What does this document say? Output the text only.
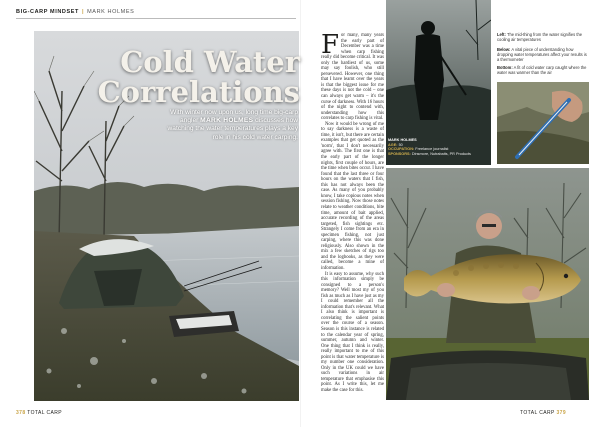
BIG-CARP MINDSET | MARK HOLMES
Cold Water
Correlations
With winter now upon us, long time big-carp angler MARK HOLMES discusses how watching the water temperatures plays a key role in his cold water carping.
F or many, many years the early part of December was a time when carp fishing really did become critical. It was only the hardiest of us, some may say foolish, who still persevered. However, one thing that I have learnt over the years is that the biggest issue for me these days is not the cold – one can always get warm – it's the curse of darkness. With 16 hours of the night to contend with, understanding how this correlates to carp fishing is vital.

Now it would be wrong of me to say darkness is a waste of time, it isn't, but there are certain examples that get quoted as the 'norm', that I don't necessarily agree with. The first one is that the early part of the longer nights, first couple of hours, are the time when bites occur. I have found that the last three or four hours on the waters that I fish, this has not always been the case. As many of you probably know, I take copious notes when session fishing. Now those notes relate to weather conditions, bite time, amount of bait applied, accurate recording of the areas targeted, fish sightings etc. Strangely I come from an era in specimen fishing, not just carping, where this was done religiously. Also shown in the mix a few sketches of rigs too and the logbooks, as they were called, become a mine of information.

It is easy to assume, why such this information simply be consigned to a person's memory? Well most my of you fish as much as I have just as my I could remember all the information that's relevant. What I also think is important is correlating the salient points over the course of a season. Season is this instance is related to the calendar year of spring, summer, autumn and winter. One thing that I think is really, really important to me of this point is that water temperature is my number one consideration. Only in the UK could we have such variations in air temperature that emphasise this point. As I write this, let me make the case for this.

MARK HOLMES
AGE: 50
OCCUPATION: Freelance journalist
SPONSORS: Dinsmore, Nutrabaits, PR Products
Left: The mid-thing from the water signifies the cooling air temperatures
Below: A vital piece of understanding how dropping water temperatures affect your results is a thermometer
Bottom: A fit of cold water carp caught where the water was warmer than the air
378 TOTAL CARP	TOTAL CARP 379
